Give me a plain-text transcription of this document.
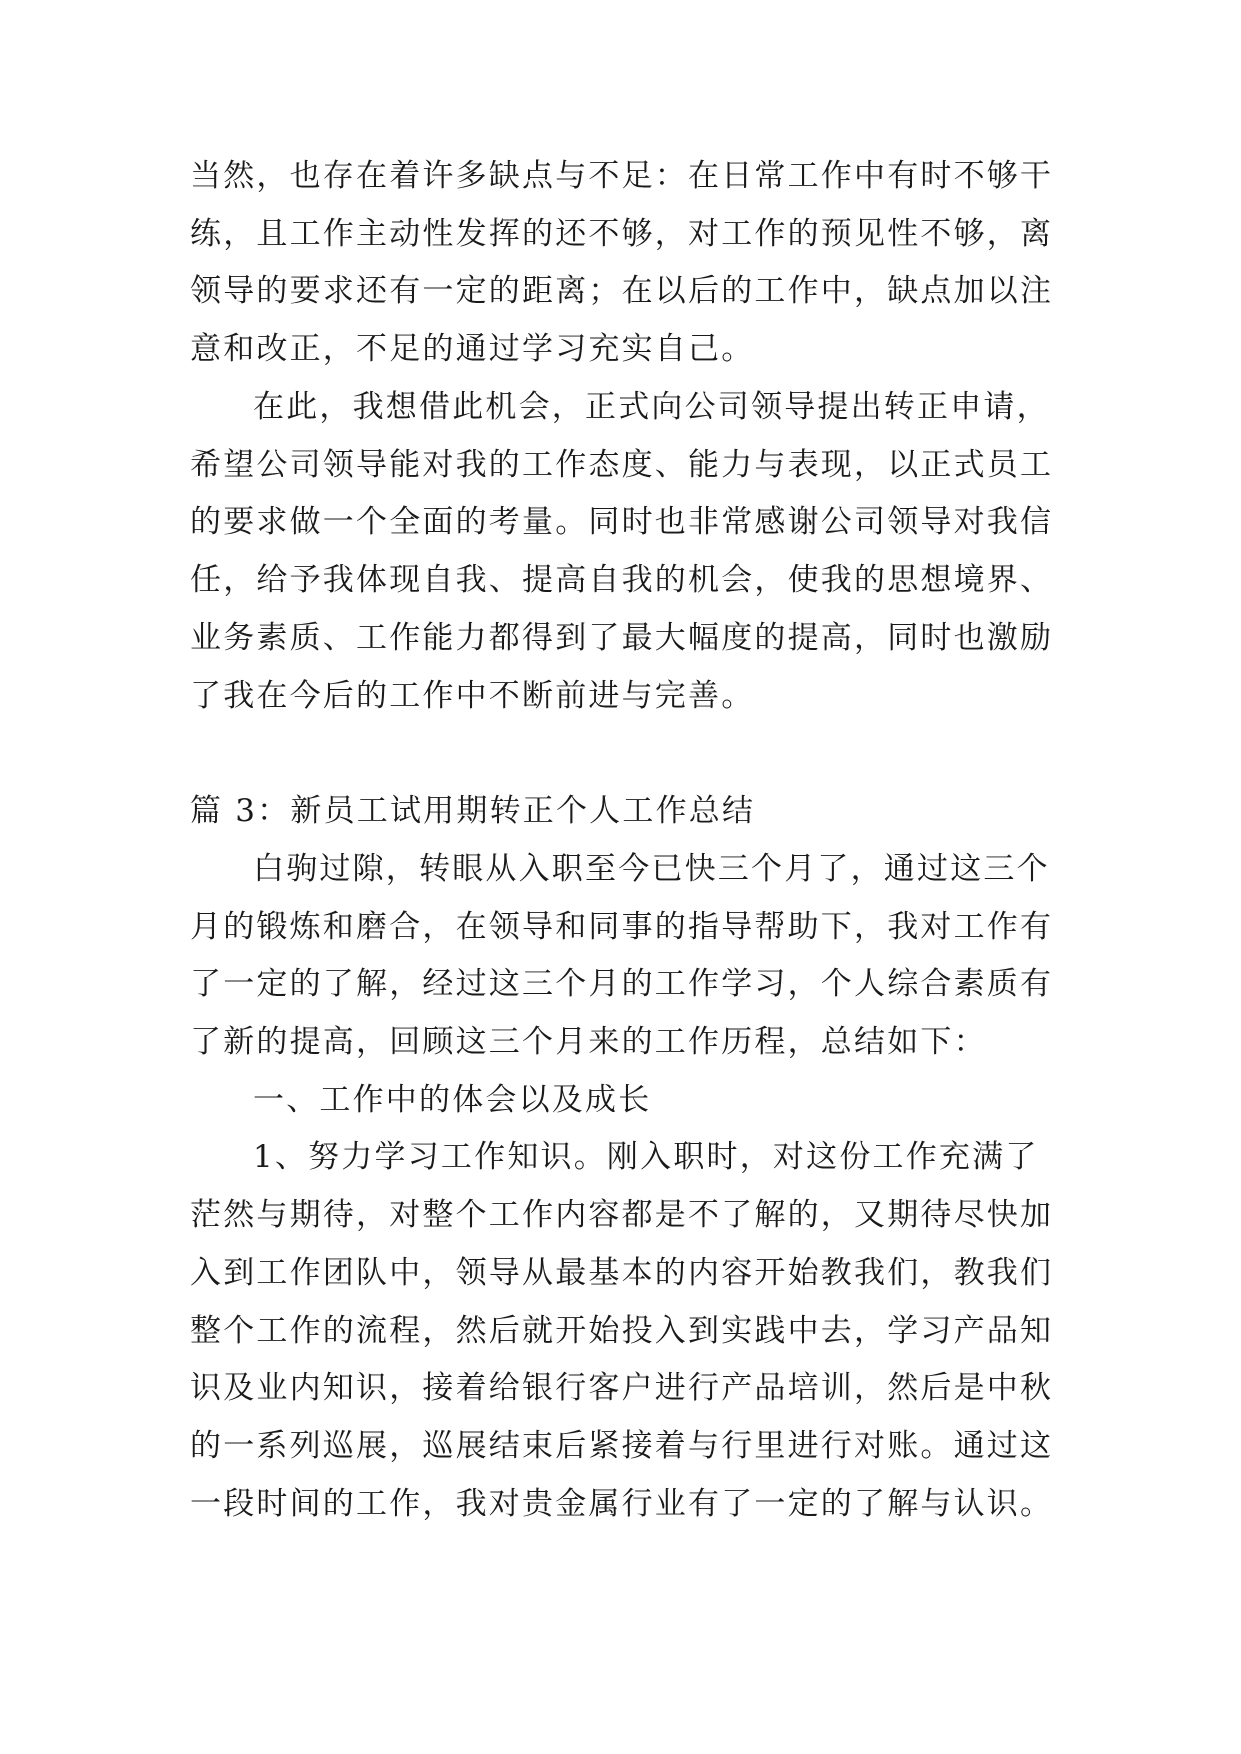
当然，也存在着许多缺点与不足：在日常工作中有时不够干
练，且工作主动性发挥的还不够，对工作的预见性不够，离
领导的要求还有一定的距离；在以后的工作中，缺点加以注
意和改正，不足的通过学习充实自己。
在此，我想借此机会，正式向公司领导提出转正申请，
希望公司领导能对我的工作态度、能力与表现，以正式员工
的要求做一个全面的考量。同时也非常感谢公司领导对我信
任，给予我体现自我、提高自我的机会，使我的思想境界、
业务素质、工作能力都得到了最大幅度的提高，同时也激励
了我在今后的工作中不断前进与完善。
篇 3：新员工试用期转正个人工作总结
白驹过隙，转眼从入职至今已快三个月了，通过这三个
月的锻炼和磨合，在领导和同事的指导帮助下，我对工作有
了一定的了解，经过这三个月的工作学习，个人综合素质有
了新的提高，回顾这三个月来的工作历程，总结如下：
一、工作中的体会以及成长
1、努力学习工作知识。刚入职时，对这份工作充满了
茫然与期待，对整个工作内容都是不了解的，又期待尽快加
入到工作团队中，领导从最基本的内容开始教我们，教我们
整个工作的流程，然后就开始投入到实践中去，学习产品知
识及业内知识，接着给银行客户进行产品培训，然后是中秋
的一系列巡展，巡展结束后紧接着与行里进行对账。通过这
一段时间的工作，我对贵金属行业有了一定的了解与认识。
